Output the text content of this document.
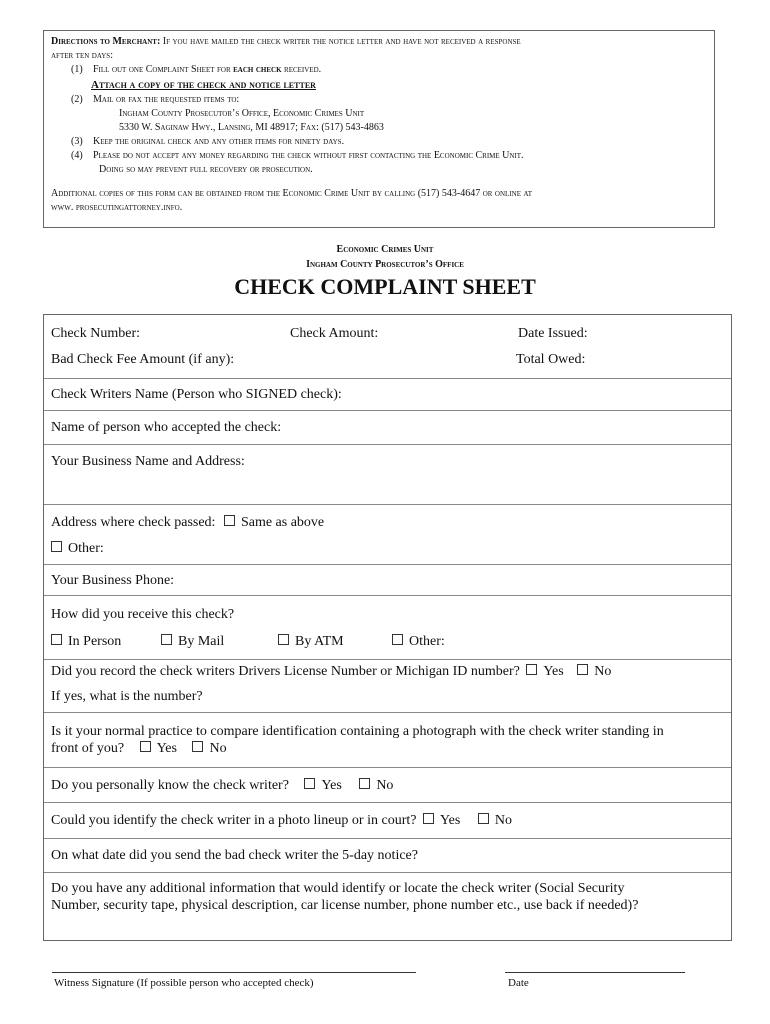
Directions to Merchant: If you have mailed the check writer the notice letter and have not received a response
after ten days:
(1) Fill out one Complaint Sheet for each check received.
Attach a copy of the check and notice letter
(2) Mail or fax the requested items to:
Ingham County Prosecutor’s Office, Economic Crimes Unit
5330 W. Saginaw Hwy., Lansing, MI 48917; Fax: (517) 543-4863
(3) Keep the original check and any other items for ninety days.
(4) Please do not accept any money regarding the check without first contacting the Economic Crime Unit.
Doing so may prevent full recovery or prosecution.
Additional copies of this form can be obtained from the Economic Crime Unit by calling (517) 543-4647 or online at
www. prosecutingattorney.info.
Economic Crimes Unit
Ingham County Prosecutor’s Office
CHECK COMPLAINT SHEET
Check Number:	Check Amount:	Date Issued:
Bad Check Fee Amount (if any):	Total Owed:
Check Writers Name (Person who SIGNED check):
Name of person who accepted the check:
Your Business Name and Address:
Address where check passed: Same as above
Other:
Your Business Phone:
How did you receive this check?
In Person	By Mail	By ATM	Other:
Did you record the check writers Drivers License Number or Michigan ID number? Yes No
If yes, what is the number?
Is it your normal practice to compare identification containing a photograph with the check writer standing in
front of you? Yes No
Do you personally know the check writer? Yes No
Could you identify the check writer in a photo lineup or in court? Yes No
On what date did you send the bad check writer the 5-day notice?
Do you have any additional information that would identify or locate the check writer (Social Security
Number, security tape, physical description, car license number, phone number etc., use back if needed)?
Witness Signature (If possible person who accepted check)	Date
